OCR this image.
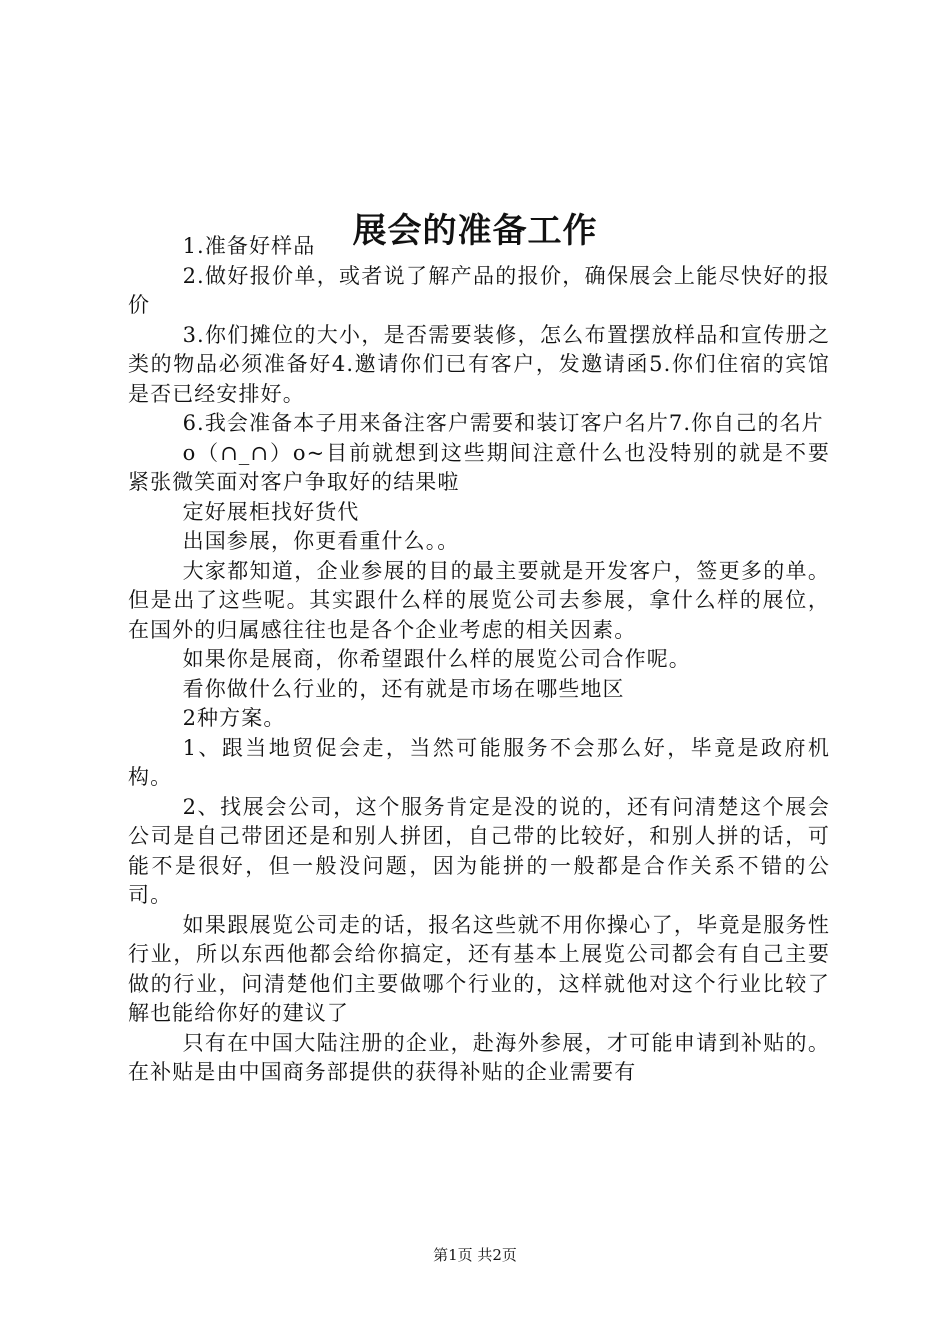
展会的准备工作

1.准备好样品

2.做好报价单，或者说了解产品的报价，确保展会上能尽快好的报价

3.你们摊位的大小，是否需要装修，怎么布置摆放样品和宣传册之类的物品必须准备好4.邀请你们已有客户，发邀请函5.你们住宿的宾馆是否已经安排好。

6.我会准备本子用来备注客户需要和装订客户名片7.你自己的名片

o（∩_∩）o~目前就想到这些期间注意什么也没特别的就是不要紧张微笑面对客户争取好的结果啦

定好展柜找好货代

出国参展，你更看重什么。。

大家都知道，企业参展的目的最主要就是开发客户，签更多的单。但是出了这些呢。其实跟什么样的展览公司去参展，拿什么样的展位，在国外的归属感往往也是各个企业考虑的相关因素。

如果你是展商，你希望跟什么样的展览公司合作呢。

看你做什么行业的，还有就是市场在哪些地区

2种方案。

1、跟当地贸促会走，当然可能服务不会那么好，毕竟是政府机构。

2、找展会公司，这个服务肯定是没的说的，还有问清楚这个展会公司是自己带团还是和别人拼团，自己带的比较好，和别人拼的话，可能不是很好，但一般没问题，因为能拼的一般都是合作关系不错的公司。

如果跟展览公司走的话，报名这些就不用你操心了，毕竟是服务性行业，所以东西他都会给你搞定，还有基本上展览公司都会有自己主要做的行业，问清楚他们主要做哪个行业的，这样就他对这个行业比较了解也能给你好的建议了

只有在中国大陆注册的企业，赴海外参展，才可能申请到补贴的。在补贴是由中国商务部提供的获得补贴的企业需要有

第1页 共2页
